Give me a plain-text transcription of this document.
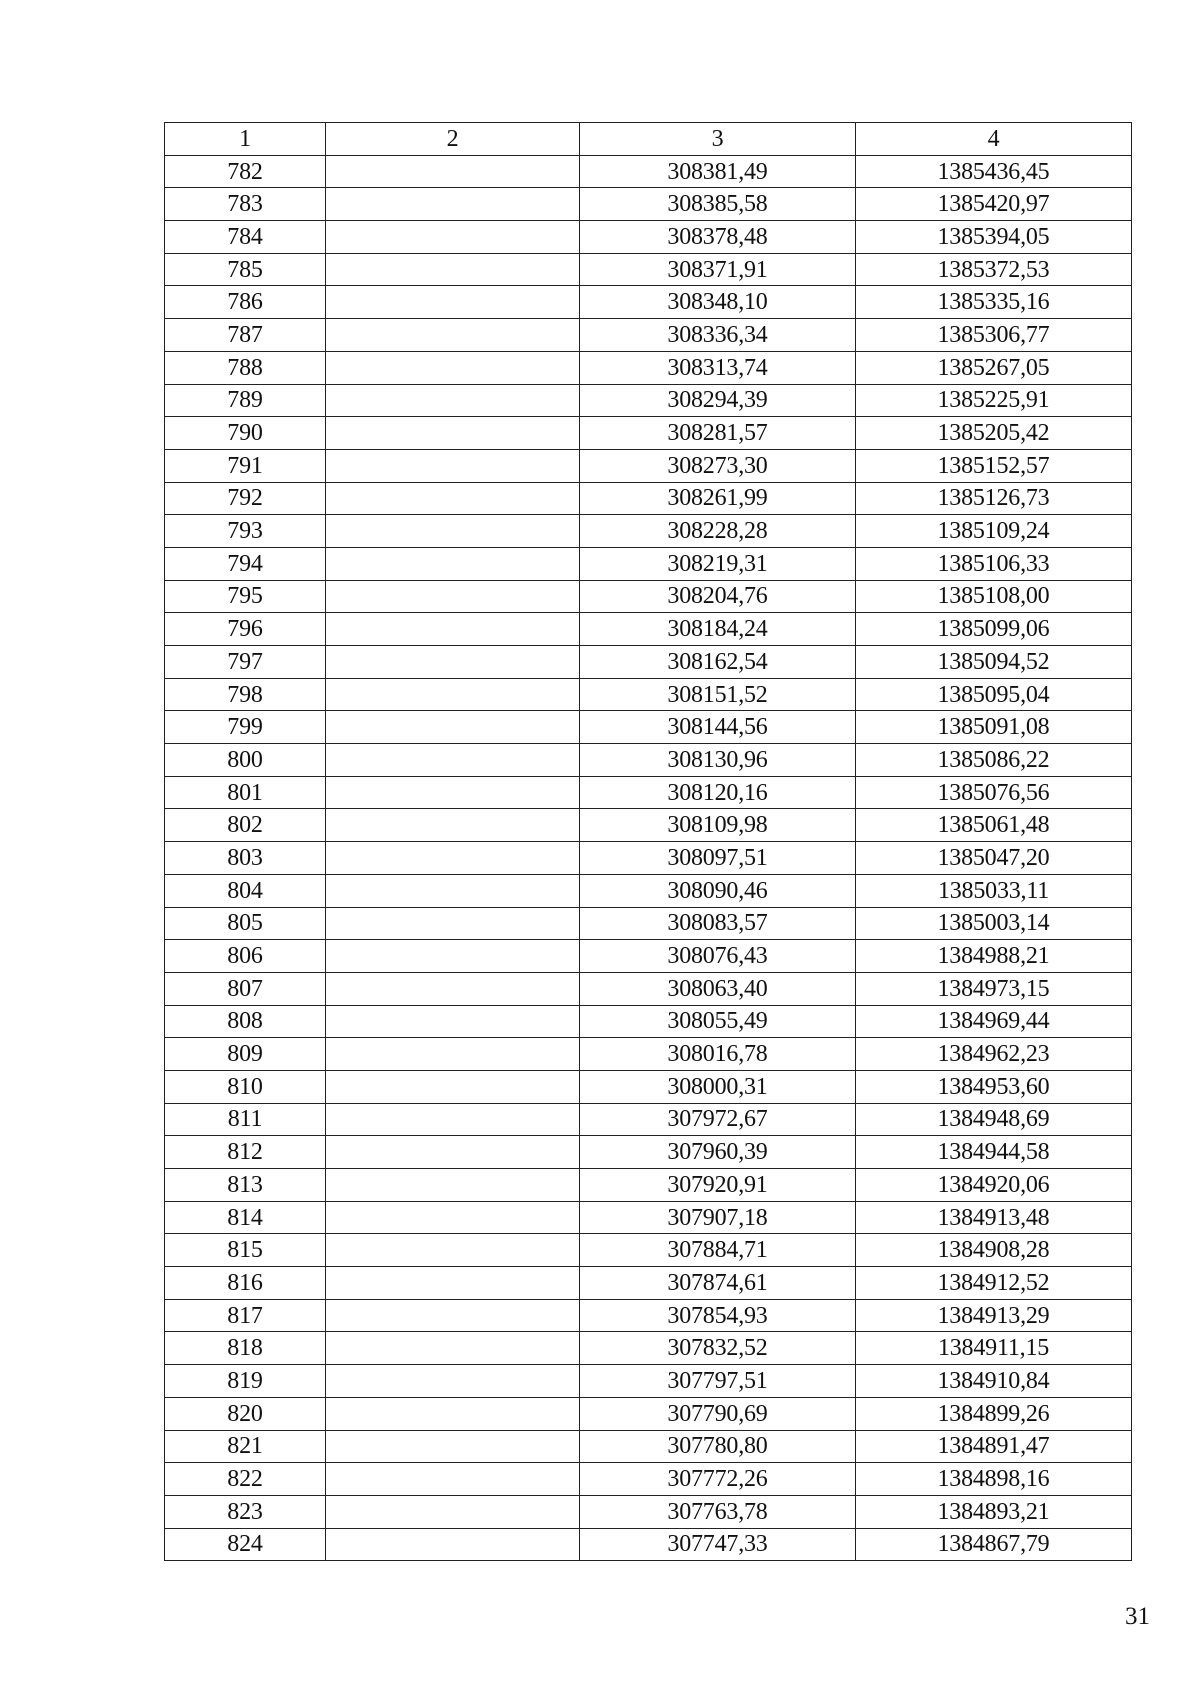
1	2	3	4
782		308381,49	1385436,45
783		308385,58	1385420,97
784		308378,48	1385394,05
785		308371,91	1385372,53
786		308348,10	1385335,16
787		308336,34	1385306,77
788		308313,74	1385267,05
789		308294,39	1385225,91
790		308281,57	1385205,42
791		308273,30	1385152,57
792		308261,99	1385126,73
793		308228,28	1385109,24
794		308219,31	1385106,33
795		308204,76	1385108,00
796		308184,24	1385099,06
797		308162,54	1385094,52
798		308151,52	1385095,04
799		308144,56	1385091,08
800		308130,96	1385086,22
801		308120,16	1385076,56
802		308109,98	1385061,48
803		308097,51	1385047,20
804		308090,46	1385033,11
805		308083,57	1385003,14
806		308076,43	1384988,21
807		308063,40	1384973,15
808		308055,49	1384969,44
809		308016,78	1384962,23
810		308000,31	1384953,60
811		307972,67	1384948,69
812		307960,39	1384944,58
813		307920,91	1384920,06
814		307907,18	1384913,48
815		307884,71	1384908,28
816		307874,61	1384912,52
817		307854,93	1384913,29
818		307832,52	1384911,15
819		307797,51	1384910,84
820		307790,69	1384899,26
821		307780,80	1384891,47
822		307772,26	1384898,16
823		307763,78	1384893,21
824		307747,33	1384867,79
31
